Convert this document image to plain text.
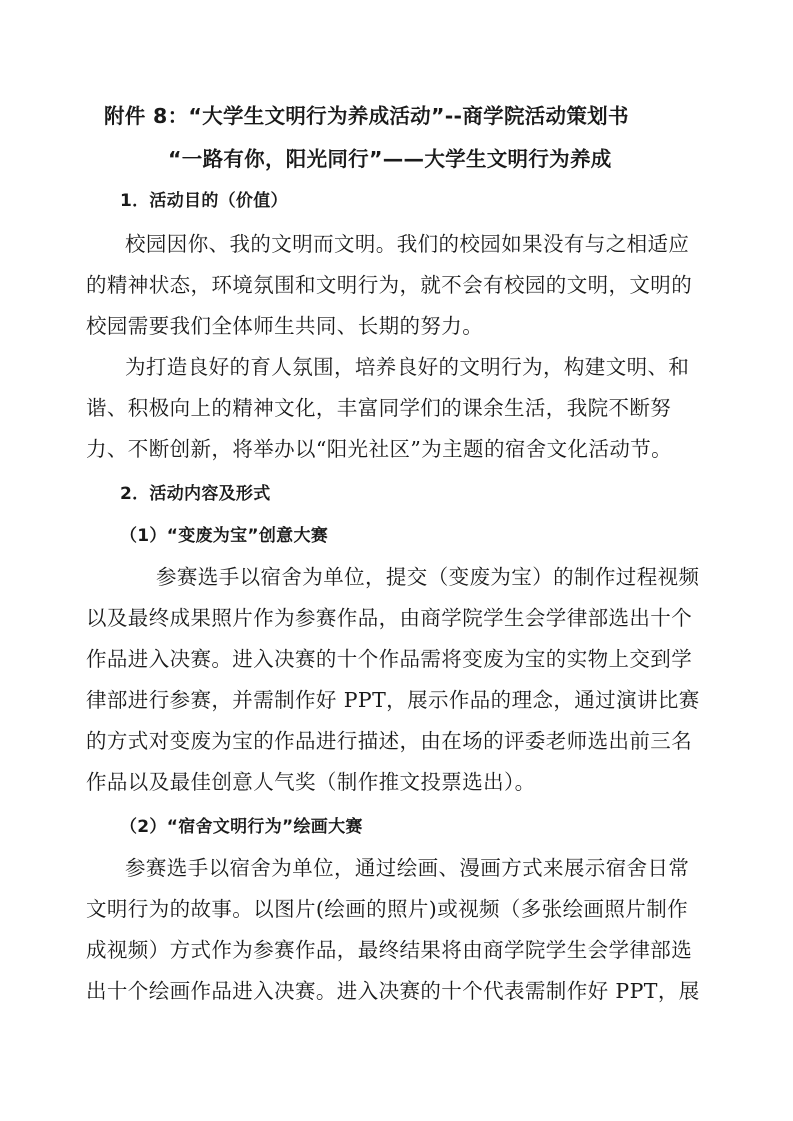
附件 8：“大学生文明行为养成活动”--商学院活动策划书
“一路有你，阳光同行”——大学生文明行为养成
1．活动目的（价值）
校园因你、我的文明而文明。我们的校园如果没有与之相适应
的精神状态，环境氛围和文明行为，就不会有校园的文明，文明的
校园需要我们全体师生共同、长期的努力。
为打造良好的育人氛围，培养良好的文明行为，构建文明、和
谐、积极向上的精神文化，丰富同学们的课余生活，我院不断努
力、不断创新，将举办以“阳光社区”为主题的宿舍文化活动节。
2．活动内容及形式
（1）“变废为宝”创意大赛
参赛选手以宿舍为单位，提交（变废为宝）的制作过程视频
以及最终成果照片作为参赛作品，由商学院学生会学律部选出十个
作品进入决赛。进入决赛的十个作品需将变废为宝的实物上交到学
律部进行参赛，并需制作好 PPT，展示作品的理念，通过演讲比赛
的方式对变废为宝的作品进行描述，由在场的评委老师选出前三名
作品以及最佳创意人气奖（制作推文投票选出）。
（2）“宿舍文明行为”绘画大赛
参赛选手以宿舍为单位，通过绘画、漫画方式来展示宿舍日常
文明行为的故事。以图片(绘画的照片)或视频（多张绘画照片制作
成视频）方式作为参赛作品，最终结果将由商学院学生会学律部选
出十个绘画作品进入决赛。进入决赛的十个代表需制作好 PPT，展
